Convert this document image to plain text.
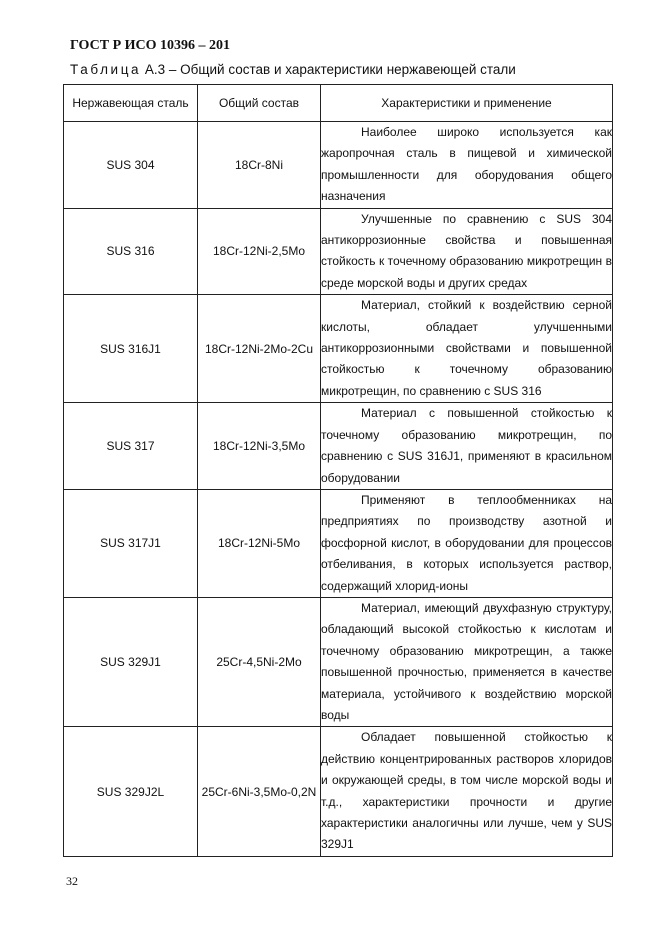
ГОСТ Р ИСО 10396 – 201
Таблица А.3 – Общий состав и характеристики нержавеющей стали
Нержавеющая сталь	Общий состав	Характеристики и применение
SUS 304	18Cr-8Ni	Наиболее широко используется как жаропрочная сталь в пищевой и химической промышленности для оборудования общего назначения

SUS 316	18Cr-12Ni-2,5Mo	Улучшенные по сравнению с SUS 304 антикоррозионные свойства и повышенная стойкость к точечному образованию микротрещин в среде морской воды и других средах

SUS 316J1	18Cr-12Ni-2Mo-2Cu	Материал, стойкий к воздействию серной кислоты, обладает улучшенными антикоррозионными свойствами и повышенной стойкостью к точечному образованию микротрещин, по сравнению с SUS 316

SUS 317	18Cr-12Ni-3,5Mo	Материал с повышенной стойкостью к точечному образованию микротрещин, по сравнению с SUS 316J1, применяют в красильном оборудовании

SUS 317J1	18Cr-12Ni-5Mo	Применяют в теплообменниках на предприятиях по производству азотной и фосфорной кислот, в оборудовании для процессов отбеливания, в которых используется раствор, содержащий хлорид-ионы

SUS 329J1	25Cr-4,5Ni-2Mo	Материал, имеющий двухфазную структуру, обладающий высокой стойкостью к кислотам и точечному образованию микротрещин, а также повышенной прочностью, применяется в качестве материала, устойчивого к воздействию морской воды

SUS 329J2L	25Cr-6Ni-3,5Mo-0,2N	Обладает повышенной стойкостью к действию концентрированных растворов хлоридов и окружающей среды, в том числе морской воды и т.д., характеристики прочности и другие характеристики аналогичны или лучше, чем у SUS 329J1
32
